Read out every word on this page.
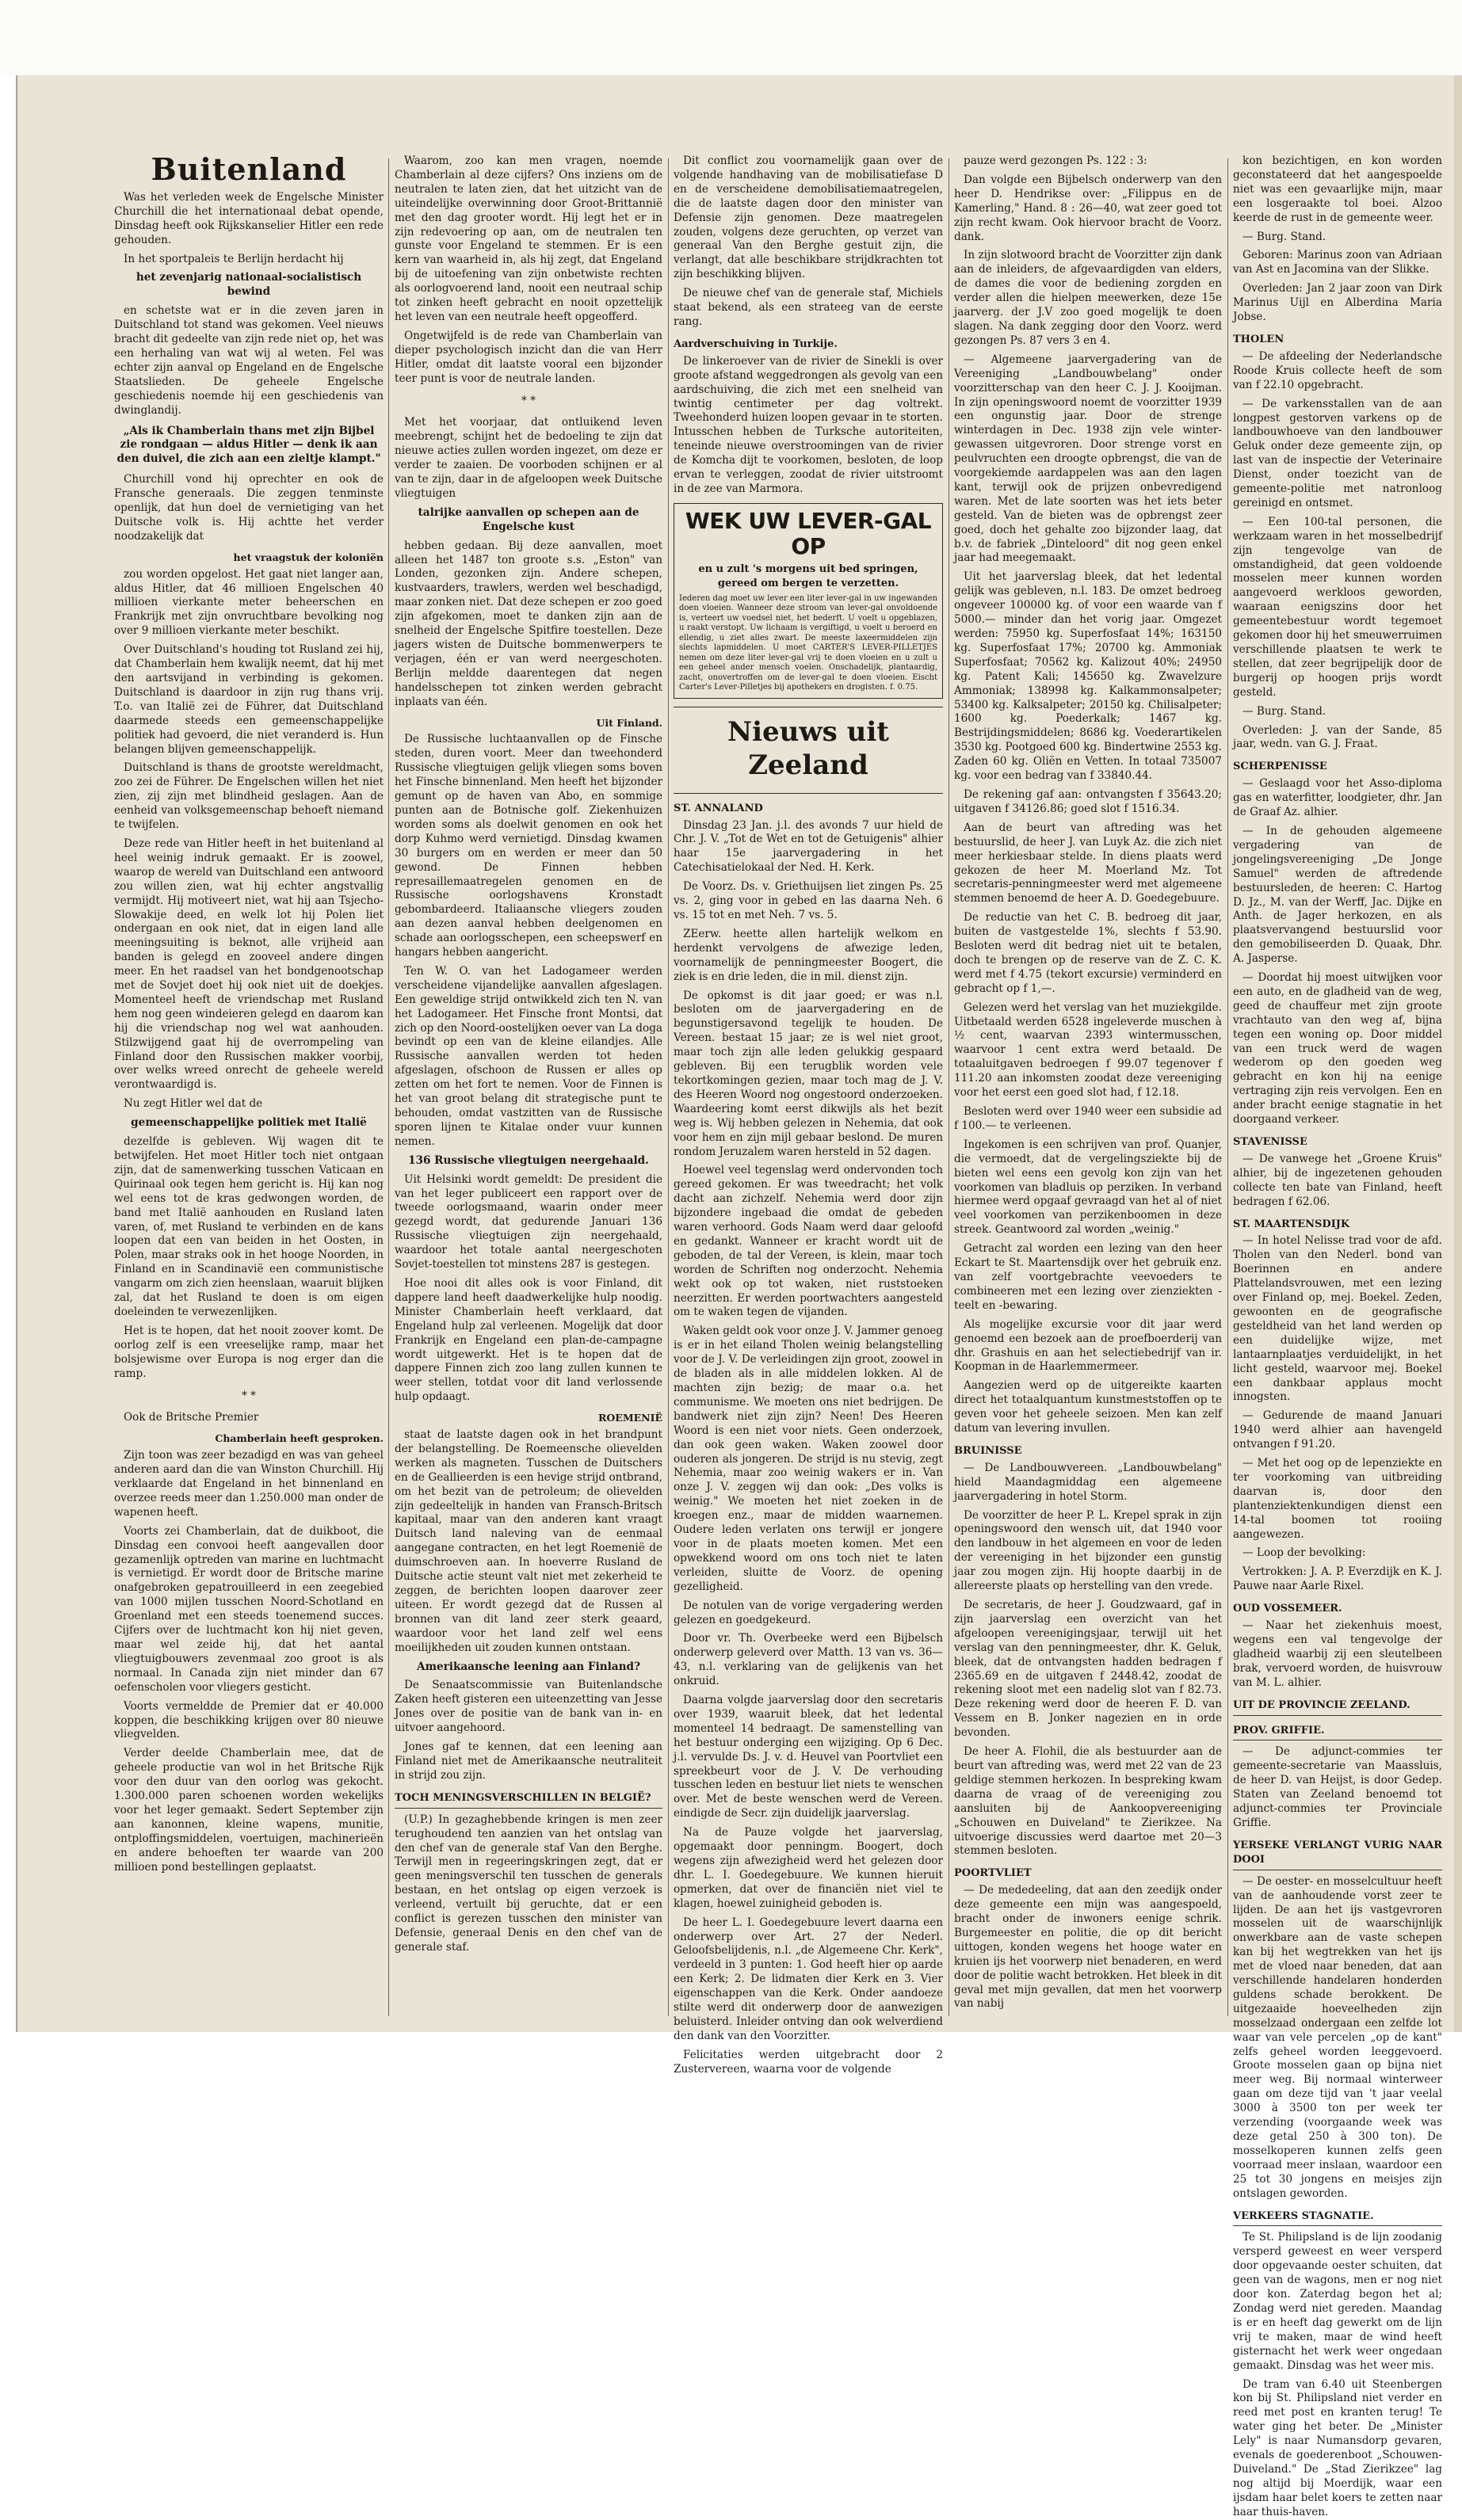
Buitenland

Was het verleden week de Engelsche Minister Churchill die het internationaal debat opende, Dinsdag heeft ook Rijkskanselier Hitler een rede gehouden.

In het sportpaleis te Berlijn herdacht hij

het zevenjarig nationaal-socialistisch bewind

en schetste wat er in die zeven jaren in Duitschland tot stand was gekomen. Veel nieuws bracht dit gedeelte van zijn rede niet op, het was een herhaling van wat wij al weten. Fel was echter zijn aanval op Engeland en de Engelsche Staatslieden. De geheele Engelsche geschiedenis noemde hij een geschiedenis van dwinglandij.

„Als ik Chamberlain thans met zijn Bijbel zie rondgaan — aldus Hitler — denk ik aan den duivel, die zich aan een zieltje klampt."

Churchill vond hij oprechter en ook de Fransche generaals. Die zeggen tenminste openlijk, dat hun doel de vernietiging van het Duitsche volk is. Hij achtte het verder noodzakelijk dat

het vraagstuk der koloniën

zou worden opgelost. Het gaat niet langer aan, aldus Hitler, dat 46 millioen Engelschen 40 millioen vierkante meter beheerschen en Frankrijk met zijn onvruchtbare bevolking nog over 9 millioen vierkante meter beschikt.

Over Duitschland's houding tot Rusland zei hij, dat Chamberlain hem kwalijk neemt, dat hij met den aartsvijand in verbinding is gekomen. Duitschland is daardoor in zijn rug thans vrij. T.o. van Italië zei de Führer, dat Duitschland daarmede steeds een gemeenschappelijke politiek had gevoerd, die niet veranderd is. Hun belangen blijven gemeenschappelijk.

Duitschland is thans de grootste wereldmacht, zoo zei de Führer. De Engelschen willen het niet zien, zij zijn met blindheid geslagen. Aan de eenheid van volksgemeenschap behoeft niemand te twijfelen.

Deze rede van Hitler heeft in het buitenland al heel weinig indruk gemaakt. Er is zoowel, waarop de wereld van Duitschland een antwoord zou willen zien, wat hij echter angstvallig vermijdt. Hij motiveert niet, wat hij aan Tsjecho-Slowakije deed, en welk lot hij Polen liet ondergaan en ook niet, dat in eigen land alle meeningsuiting is beknot, alle vrijheid aan banden is gelegd en zooveel andere dingen meer. En het raadsel van het bondgenootschap met de Sovjet doet hij ook niet uit de doekjes. Momenteel heeft de vriendschap met Rusland hem nog geen windeieren gelegd en daarom kan hij die vriendschap nog wel wat aanhouden. Stilzwijgend gaat hij de overrompeling van Finland door den Russischen makker voorbij, over welks wreed onrecht de geheele wereld verontwaardigd is.

Nu zegt Hitler wel dat de

gemeenschappelijke politiek met Italië

dezelfde is gebleven. Wij wagen dit te betwijfelen. Het moet Hitler toch niet ontgaan zijn, dat de samenwerking tusschen Vaticaan en Quirinaal ook tegen hem gericht is. Hij kan nog wel eens tot de kras gedwongen worden, de band met Italië aanhouden en Rusland laten varen, of, met Rusland te verbinden en de kans loopen dat een van beiden in het Oosten, in Polen, maar straks ook in het hooge Noorden, in Finland en in Scandinavië een communistische vangarm om zich zien heenslaan, waaruit blijken zal, dat het Rusland te doen is om eigen doeleinden te verwezenlijken.

Het is te hopen, dat het nooit zoover komt. De oorlog zelf is een vreeselijke ramp, maar het bolsjewisme over Europa is nog erger dan die ramp.

* *

Ook de Britsche Premier

Chamberlain heeft gesproken.

Zijn toon was zeer bezadigd en was van geheel anderen aard dan die van Winston Churchill. Hij verklaarde dat Engeland in het binnenland en overzee reeds meer dan 1.250.000 man onder de wapenen heeft.

Voorts zei Chamberlain, dat de duikboot, die Dinsdag een convooi heeft aangevallen door gezamenlijk optreden van marine en luchtmacht is vernietigd. Er wordt door de Britsche marine onafgebroken gepatrouilleerd in een zeegebied van 1000 mijlen tusschen Noord-Schotland en Groenland met een steeds toenemend succes. Cijfers over de luchtmacht kon hij niet geven, maar wel zeide hij, dat het aantal vliegtuigbouwers zevenmaal zoo groot is als normaal. In Canada zijn niet minder dan 67 oefenscholen voor vliegers gesticht.

Voorts vermeldde de Premier dat er 40.000 koppen, die beschikking krijgen over 80 nieuwe vliegvelden.

Verder deelde Chamberlain mee, dat de geheele productie van wol in het Britsche Rijk voor den duur van den oorlog was gekocht. 1.300.000 paren schoenen worden wekelijks voor het leger gemaakt. Sedert September zijn aan kanonnen, kleine wapens, munitie, ontploffingsmiddelen, voertuigen, machinerieën en andere behoeften ter waarde van 200 millioen pond bestellingen geplaatst.

Waarom, zoo kan men vragen, noemde Chamberlain al deze cijfers? Ons inziens om de neutralen te laten zien, dat het uitzicht van de uiteindelijke overwinning door Groot-Brittannië met den dag grooter wordt. Hij legt het er in zijn redevoering op aan, om de neutralen ten gunste voor Engeland te stemmen. Er is een kern van waarheid in, als hij zegt, dat Engeland bij de uitoefening van zijn onbetwiste rechten als oorlogvoerend land, nooit een neutraal schip tot zinken heeft gebracht en nooit opzettelijk het leven van een neutrale heeft opgeofferd.

Ongetwijfeld is de rede van Chamberlain van dieper psychologisch inzicht dan die van Herr Hitler, omdat dit laatste vooral een bijzonder teer punt is voor de neutrale landen.

* *

Met het voorjaar, dat ontluikend leven meebrengt, schijnt het de bedoeling te zijn dat nieuwe acties zullen worden ingezet, om deze er verder te zaaien. De voorboden schijnen er al van te zijn, daar in de afgeloopen week Duitsche vliegtuigen

talrijke aanvallen op schepen aan de Engelsche kust

hebben gedaan. Bij deze aanvallen, moet alleen het 1487 ton groote s.s. „Eston" van Londen, gezonken zijn. Andere schepen, kustvaarders, trawlers, werden wel beschadigd, maar zonken niet. Dat deze schepen er zoo goed zijn afgekomen, moet te danken zijn aan de snelheid der Engelsche Spitfire toestellen. Deze jagers wisten de Duitsche bommenwerpers te verjagen, één er van werd neergeschoten. Berlijn meldde daarentegen dat negen handelsschepen tot zinken werden gebracht inplaats van één.

Uit Finland.

De Russische luchtaanvallen op de Finsche steden, duren voort. Meer dan tweehonderd Russische vliegtuigen gelijk vliegen soms boven het Finsche binnenland. Men heeft het bijzonder gemunt op de haven van Abo, en sommige punten aan de Botnische golf. Ziekenhuizen worden soms als doelwit genomen en ook het dorp Kuhmo werd vernietigd. Dinsdag kwamen 30 burgers om en werden er meer dan 50 gewond. De Finnen hebben represaillemaatregelen genomen en de Russische oorlogshavens Kronstadt gebombardeerd. Italiaansche vliegers zouden aan dezen aanval hebben deelgenomen en schade aan oorlogsschepen, een scheepswerf en hangars hebben aangericht.

Ten W. O. van het Ladogameer werden verscheidene vijandelijke aanvallen afgeslagen. Een geweldige strijd ontwikkeld zich ten N. van het Ladogameer. Het Finsche front Montsi, dat zich op den Noord-oostelijken oever van La doga bevindt op een van de kleine eilandjes. Alle Russische aanvallen werden tot heden afgeslagen, ofschoon de Russen er alles op zetten om het fort te nemen. Voor de Finnen is het van groot belang dit strategische punt te behouden, omdat vastzitten van de Russische sporen lijnen te Kitalae onder vuur kunnen nemen.

136 Russische vliegtuigen neergehaald.

Uit Helsinki wordt gemeldt: De president die van het leger publiceert een rapport over de tweede oorlogsmaand, waarin onder meer gezegd wordt, dat gedurende Januari 136 Russische vliegtuigen zijn neergehaald, waardoor het totale aantal neergeschoten Sovjet-toestellen tot minstens 287 is gestegen.

Hoe nooi dit alles ook is voor Finland, dit dappere land heeft daadwerkelijke hulp noodig. Minister Chamberlain heeft verklaard, dat Engeland hulp zal verleenen. Mogelijk dat door Frankrijk en Engeland een plan-de-campagne wordt uitgewerkt. Het is te hopen dat de dappere Finnen zich zoo lang zullen kunnen te weer stellen, totdat voor dit land verlossende hulp opdaagt.

ROEMENIË

staat de laatste dagen ook in het brandpunt der belangstelling. De Roemeensche olievelden werken als magneten. Tusschen de Duitschers en de Geallieerden is een hevige strijd ontbrand, om het bezit van de petroleum; de olievelden zijn gedeeltelijk in handen van Fransch-Britsch kapitaal, maar van den anderen kant vraagt Duitsch land naleving van de eenmaal aangegane contracten, en het legt Roemenië de duimschroeven aan. In hoeverre Rusland de Duitsche actie steunt valt niet met zekerheid te zeggen, de berichten loopen daarover zeer uiteen. Er wordt gezegd dat de Russen al bronnen van dit land zeer sterk geaard, waardoor voor het land zelf wel eens moeilijkheden uit zouden kunnen ontstaan.

Amerikaansche leening aan Finland?

De Senaatscommissie van Buitenlandsche Zaken heeft gisteren een uiteenzetting van Jesse Jones over de positie van de bank van in- en uitvoer aangehoord.

Jones gaf te kennen, dat een leening aan Finland niet met de Amerikaansche neutraliteit in strijd zou zijn.

TOCH MENINGSVERSCHILLEN IN BELGIË?

(U.P.) In gezaghebbende kringen is men zeer terughoudend ten aanzien van het ontslag van den chef van de generale staf Van den Berghe. Terwijl men in regeeringskringen zegt, dat er geen meningsverschil ten tusschen de generals bestaan, en het ontslag op eigen verzoek is verleend, vertuilt bij geruchte, dat er een conflict is gerezen tusschen den minister van Defensie, generaal Denis en den chef van de generale staf.

Dit conflict zou voornamelijk gaan over de volgende handhaving van de mobilisatiefase D en de verscheidene demobilisatiemaatregelen, die de laatste dagen door den minister van Defensie zijn genomen. Deze maatregelen zouden, volgens deze geruchten, op verzet van generaal Van den Berghe gestuit zijn, die verlangt, dat alle beschikbare strijdkrachten tot zijn beschikking blijven.

De nieuwe chef van de generale staf, Michiels staat bekend, als een strateeg van de eerste rang.

Aardverschuiving in Turkije.

De linkeroever van de rivier de Sinekli is over groote afstand weggedrongen als gevolg van een aardschuiving, die zich met een snelheid van twintig centimeter per dag voltrekt. Tweehonderd huizen loopen gevaar in te storten. Intusschen hebben de Turksche autoriteiten, teneinde nieuwe overstroomingen van de rivier de Komcha dijt te voorkomen, besloten, de loop ervan te verleggen, zoodat de rivier uitstroomt in de zee van Marmora.

WEK UW LEVER-GAL OP
en u zult 's morgens uit bed springen, gereed om bergen te verzetten.
Iederen dag moet uw lever een liter lever-gal in uw ingewanden doen vloeien. Wanneer deze stroom van lever-gal onvoldoende is, verteert uw voedsel niet, het bederft. U voelt u opgeblazen, u raakt verstopt. Uw lichaam is vergiftigd, u voelt u beroerd en ellendig, u ziet alles zwart. De meeste laxeermiddelen zijn slechts lapmiddelen. U moet CARTER'S LEVER-PILLETJES nemen om deze liter lever-gal vrij te doen vloeien en u zult u een geheel ander mensch voelen. Onschadelijk, plantaardig, zacht, onovertroffen om de lever-gal te doen vloeien. Eischt Carter's Lever-Pilletjes bij apothekers en drogisten. f. 0.75.
Nieuws uit Zeeland
ST. ANNALAND

Dinsdag 23 Jan. j.l. des avonds 7 uur hield de Chr. J. V. „Tot de Wet en tot de Getuigenis" alhier haar 15e jaarvergadering in het Catechisatielokaal der Ned. H. Kerk.

De Voorz. Ds. v. Griethuijsen liet zingen Ps. 25 vs. 2, ging voor in gebed en las daarna Neh. 6 vs. 15 tot en met Neh. 7 vs. 5.

ZEerw. heette allen hartelijk welkom en herdenkt vervolgens de afwezige leden, voornamelijk de penningmeester Boogert, die ziek is en drie leden, die in mil. dienst zijn.

De opkomst is dit jaar goed; er was n.l. besloten om de jaarvergadering en de begunstigersavond tegelijk te houden. De Vereen. bestaat 15 jaar; ze is wel niet groot, maar toch zijn alle leden gelukkig gespaard gebleven. Bij een terugblik worden vele tekortkomingen gezien, maar toch mag de J. V. des Heeren Woord nog ongestoord onderzoeken. Waardeering komt eerst dikwijls als het bezit weg is. Wij hebben gelezen in Nehemia, dat ook voor hem en zijn mijl gebaar beslond. De muren rondom Jeruzalem waren hersteld in 52 dagen.

Hoewel veel tegenslag werd ondervonden toch gereed gekomen. Er was tweedracht; het volk dacht aan zichzelf. Nehemia werd door zijn bijzondere ingebaad die omdat de gebeden waren verhoord. Gods Naam werd daar geloofd en gedankt. Wanneer er kracht wordt uit de geboden, de tal der Vereen, is klein, maar toch worden de Schriften nog onderzocht. Nehemia wekt ook op tot waken, niet ruststoeken neerzitten. Er werden poortwachters aangesteld om te waken tegen de vijanden.

Waken geldt ook voor onze J. V. Jammer genoeg is er in het eiland Tholen weinig belangstelling voor de J. V. De verleidingen zijn groot, zoowel in de bladen als in alle middelen lokken. Al de machten zijn bezig; de maar o.a. het communisme. We moeten ons niet bedrijgen. De bandwerk niet zijn zijn? Neen! Des Heeren Woord is een niet voor niets. Geen onderzoek, dan ook geen waken. Waken zoowel door ouderen als jongeren. De strijd is nu stevig, zegt Nehemia, maar zoo weinig wakers er in. Van onze J. V. zeggen wij dan ook: „Des volks is weinig." We moeten het niet zoeken in de kroegen enz., maar de midden waarnemen. Oudere leden verlaten ons terwijl er jongere voor in de plaats moeten komen. Met een opwekkend woord om ons toch niet te laten verleiden, sluitte de Voorz. de opening gezelligheid.

De notulen van de vorige vergadering werden gelezen en goedgekeurd.

Door vr. Th. Overbeeke werd een Bijbelsch onderwerp geleverd over Matth. 13 van vs. 36—43, n.l. verklaring van de gelijkenis van het onkruid.

Daarna volgde jaarverslag door den secretaris over 1939, waaruit bleek, dat het ledental momenteel 14 bedraagt. De samenstelling van het bestuur onderging een wijziging. Op 6 Dec. j.l. vervulde Ds. J. v. d. Heuvel van Poortvliet een spreekbeurt voor de J. V. De verhouding tusschen leden en bestuur liet niets te wenschen over. Met de beste wenschen werd de Vereen. eindigde de Secr. zijn duidelijk jaarverslag.

Na de Pauze volgde het jaarverslag, opgemaakt door penningm. Boogert, doch wegens zijn afwezigheid werd het gelezen door dhr. L. I. Goedegebuure. We kunnen hieruit opmerken, dat over de financiën niet viel te klagen, hoewel zuinigheid geboden is.

De heer L. I. Goedegebuure levert daarna een onderwerp over Art. 27 der Nederl. Geloofsbelijdenis, n.l. „de Algemeene Chr. Kerk", verdeeld in 3 punten: 1. God heeft hier op aarde een Kerk; 2. De lidmaten dier Kerk en 3. Vier eigenschappen van die Kerk. Onder aandoeze stilte werd dit onderwerp door de aanwezigen beluisterd. Inleider ontving dan ook welverdiend den dank van den Voorzitter.

Felicitaties werden uitgebracht door 2 Zustervereen, waarna voor de volgende

pauze werd gezongen Ps. 122 : 3:

Dan volgde een Bijbelsch onderwerp van den heer D. Hendrikse over: „Filippus en de Kamerling," Hand. 8 : 26—40, wat zeer goed tot zijn recht kwam. Ook hiervoor bracht de Voorz. dank.

In zijn slotwoord bracht de Voorzitter zijn dank aan de inleiders, de afgevaardigden van elders, de dames die voor de bediening zorgden en verder allen die hielpen meewerken, deze 15e jaarverg. der J.V zoo goed mogelijk te doen slagen. Na dank zegging door den Voorz. werd gezongen Ps. 87 vers 3 en 4.

— Algemeene jaarvergadering van de Vereeniging „Landbouwbelang" onder voorzitterschap van den heer C. J. J. Kooijman. In zijn openingswoord noemt de voorzitter 1939 een ongunstig jaar. Door de strenge winterdagen in Dec. 1938 zijn vele winter-gewassen uitgevroren. Door strenge vorst en peulvruchten een droogte opbrengst, die van de voorgekiemde aardappelen was aan den lagen kant, terwijl ook de prijzen onbevredigend waren. Met de late soorten was het iets beter gesteld. Van de bieten was de opbrengst zeer goed, doch het gehalte zoo bijzonder laag, dat b.v. de fabriek „Dinteloord" dit nog geen enkel jaar had meegemaakt.

Uit het jaarverslag bleek, dat het ledental gelijk was gebleven, n.l. 183. De omzet bedroeg ongeveer 100000 kg. of voor een waarde van f 5000.— minder dan het vorig jaar. Omgezet werden: 75950 kg. Superfosfaat 14%; 163150 kg. Superfosfaat 17%; 20700 kg. Ammoniak Superfosfaat; 70562 kg. Kalizout 40%; 24950 kg. Patent Kali; 145650 kg. Zwavelzure Ammoniak; 138998 kg. Kalkammonsalpeter; 53400 kg. Kalksalpeter; 20150 kg. Chilisalpeter; 1600 kg. Poederkalk; 1467 kg. Bestrijdingsmiddelen; 8686 kg. Voederartikelen 3530 kg. Pootgoed 600 kg. Bindertwine 2553 kg. Zaden 60 kg. Oliën en Vetten. In totaal 735007 kg. voor een bedrag van f 33840.44.

De rekening gaf aan: ontvangsten f 35643.20; uitgaven f 34126.86; goed slot f 1516.34.

Aan de beurt van aftreding was het bestuurslid, de heer J. van Luyk Az. die zich niet meer herkiesbaar stelde. In diens plaats werd gekozen de heer M. Moerland Mz. Tot secretaris-penningmeester werd met algemeene stemmen benoemd de heer A. D. Goedegebuure.

De reductie van het C. B. bedroeg dit jaar, buiten de vastgestelde 1%, slechts f 53.90. Besloten werd dit bedrag niet uit te betalen, doch te brengen op de reserve van de Z. C. K. werd met f 4.75 (tekort excursie) verminderd en gebracht op f 1,—.

Gelezen werd het verslag van het muziekgilde. Uitbetaald werden 6528 ingeleverde muschen à ½ cent, waarvan 2393 wintermusschen, waarvoor 1 cent extra werd betaald. De totaaluitgaven bedroegen f 99.07 tegenover f 111.20 aan inkomsten zoodat deze vereeniging voor het eerst een goed slot had, f 12.18.

Besloten werd over 1940 weer een subsidie ad f 100.— te verleenen.

Ingekomen is een schrijven van prof. Quanjer, die vermoedt, dat de vergelingsziekte bij de bieten wel eens een gevolg kon zijn van het voorkomen van bladluis op perziken. In verband hiermee werd opgaaf gevraagd van het al of niet veel voorkomen van perzikenboomen in deze streek. Geantwoord zal worden „weinig."

Getracht zal worden een lezing van den heer Eckart te St. Maartensdijk over het gebruik enz. van zelf voortgebrachte veevoeders te combineeren met een lezing over zienziekten -teelt en -bewaring.

Als mogelijke excursie voor dit jaar werd genoemd een bezoek aan de proefboerderij van dhr. Grashuis en aan het selectiebedrijf van ir. Koopman in de Haarlemmermeer.

Aangezien werd op de uitgereikte kaarten direct het totaalquantum kunstmeststoffen op te geven voor het geheele seizoen. Men kan zelf datum van levering invullen.

BRUINISSE

— De Landbouwvereen. „Landbouwbelang" hield Maandagmiddag een algemeene jaarvergadering in hotel Storm.

De voorzitter de heer P. L. Krepel sprak in zijn openingswoord den wensch uit, dat 1940 voor den landbouw in het algemeen en voor de leden der vereeniging in het bijzonder een gunstig jaar zou mogen zijn. Hij hoopte daarbij in de allereerste plaats op herstelling van den vrede.

De secretaris, de heer J. Goudzwaard, gaf in zijn jaarverslag een overzicht van het afgeloopen vereenigingsjaar, terwijl uit het verslag van den penningmeester, dhr. K. Geluk, bleek, dat de ontvangsten hadden bedragen f 2365.69 en de uitgaven f 2448.42, zoodat de rekening sloot met een nadelig slot van f 82.73. Deze rekening werd door de heeren F. D. van Vessem en B. Jonker nagezien en in orde bevonden.

De heer A. Flohil, die als bestuurder aan de beurt van aftreding was, werd met 22 van de 23 geldige stemmen herkozen. In bespreking kwam daarna de vraag of de vereeniging zou aansluiten bij de Aankoopvereeniging „Schouwen en Duiveland" te Zierikzee. Na uitvoerige discussies werd daartoe met 20—3 stemmen besloten.

POORTVLIET

— De mededeeling, dat aan den zeedijk onder deze gemeente een mijn was aangespoeld, bracht onder de inwoners eenige schrik. Burgemeester en politie, die op dit bericht uittogen, konden wegens het hooge water en kruien ijs het voorwerp niet benaderen, en werd door de politie wacht betrokken. Het bleek in dit geval met mijn gevallen, dat men het voorwerp van nabij

kon bezichtigen, en kon worden geconstateerd dat het aangespoelde niet was een gevaarlijke mijn, maar een losgeraakte tol boei. Alzoo keerde de rust in de gemeente weer.

— Burg. Stand.

Geboren: Marinus zoon van Adriaan van Ast en Jacomina van der Slikke.

Overleden: Jan 2 jaar zoon van Dirk Marinus Uijl en Alberdina Maria Jobse.

THOLEN

— De afdeeling der Nederlandsche Roode Kruis collecte heeft de som van f 22.10 opgebracht.

— De varkensstallen van de aan longpest gestorven varkens op de landbouwhoeve van den landbouwer Geluk onder deze gemeente zijn, op last van de inspectie der Veterinaire Dienst, onder toezicht van de gemeente-politie met natronloog gereinigd en ontsmet.

— Een 100-tal personen, die werkzaam waren in het mosselbedrijf zijn tengevolge van de omstandigheid, dat geen voldoende mosselen meer kunnen worden aangevoerd werkloos geworden, waaraan eenigszins door het gemeentebestuur wordt tegemoet gekomen door hij het smeuwerruimen verschillende plaatsen te werk te stellen, dat zeer begrijpelijk door de burgerij op hoogen prijs wordt gesteld.

— Burg. Stand.

Overleden: J. van der Sande, 85 jaar, wedn. van G. J. Fraat.

SCHERPENISSE

— Geslaagd voor het Asso-diploma gas en waterfitter, loodgieter, dhr. Jan de Graaf Az. alhier.

— In de gehouden algemeene vergadering van de jongelingsvereeniging „De Jonge Samuel" werden de aftredende bestuursleden, de heeren: C. Hartog D. Jz., M. van der Werff, Jac. Dijke en Anth. de Jager herkozen, en als plaatsvervangend bestuurslid voor den gemobiliseerden D. Quaak, Dhr. A. Jasperse.

— Doordat hij moest uitwijken voor een auto, en de gladheid van de weg, geed de chauffeur met zijn groote vrachtauto van den weg af, bijna tegen een woning op. Door middel van een truck werd de wagen wederom op den goeden weg gebracht en kon hij na eenige vertraging zijn reis vervolgen. Een en ander bracht eenige stagnatie in het doorgaand verkeer.

STAVENISSE

— De vanwege het „Groene Kruis" alhier, bij de ingezetenen gehouden collecte ten bate van Finland, heeft bedragen f 62.06.

ST. MAARTENSDIJK

— In hotel Nelisse trad voor de afd. Tholen van den Nederl. bond van Boerinnen en andere Plattelandsvrouwen, met een lezing over Finland op, mej. Boekel. Zeden, gewoonten en de geografische gesteldheid van het land werden op een duidelijke wijze, met lantaarnplaatjes verduidelijkt, in het licht gesteld, waarvoor mej. Boekel een dankbaar applaus mocht innogsten.

— Gedurende de maand Januari 1940 werd alhier aan havengeld ontvangen f 91.20.

— Met het oog op de lepenziekte en ter voorkoming van uitbreiding daarvan is, door den plantenziektenkundigen dienst een 14-tal boomen tot rooiing aangewezen.

— Loop der bevolking:

Vertrokken: J. A. P. Everzdijk en K. J. Pauwe naar Aarle Rixel.

OUD VOSSEMEER.

— Naar het ziekenhuis moest, wegens een val tengevolge der gladheid waarbij zij een sleutelbeen brak, vervoerd worden, de huisvrouw van M. L. alhier.

UIT DE PROVINCIE ZEELAND.
PROV. GRIFFIE.

— De adjunct-commies ter gemeente-secretarie van Maassluis, de heer D. van Heijst, is door Gedep. Staten van Zeeland benoemd tot adjunct-commies ter Provinciale Griffie.

YERSEKE VERLANGT VURIG NAAR DOOI

— De oester- en mosselcultuur heeft van de aanhoudende vorst zeer te lijden. De aan het ijs vastgevroren mosselen uit de waarschijnlijk onwerkbare aan de vaste schepen kan bij het wegtrekken van het ijs met de vloed naar beneden, dat aan verschillende handelaren honderden guldens schade berokkent. De uitgezaaide hoeveelheden zijn mosselzaad ondergaan een zelfde lot waar van vele percelen „op de kant" zelfs geheel worden leeggevoerd. Groote mosselen gaan op bijna niet meer weg. Bij normaal winterweer gaan om deze tijd van 't jaar veelal 3000 à 3500 ton per week ter verzending (voorgaande week was deze getal 250 à 300 ton). De mosselkoperen kunnen zelfs geen voorraad meer inslaan, waardoor een 25 tot 30 jongens en meisjes zijn ontslagen geworden.

VERKEERS STAGNATIE.

Te St. Philipsland is de lijn zoodanig versperd geweest en weer versperd door opgevaande oester schuiten, dat geen van de wagons, men er nog niet door kon. Zaterdag begon het al; Zondag werd niet gereden. Maandag is er en heeft dag gewerkt om de lijn vrij te maken, maar de wind heeft gisternacht het werk weer ongedaan gemaakt. Dinsdag was het weer mis.

De tram van 6.40 uit Steenbergen kon bij St. Philipsland niet verder en reed met post en kranten terug! Te water ging het beter. De „Minister Lely" is naar Numansdorp gevaren, evenals de goederenboot „Schouwen-Duiveland." De „Stad Zierikzee" lag nog altijd bij Moerdijk, waar een ijsdam haar belet koers te zetten naar haar thuis-haven.
